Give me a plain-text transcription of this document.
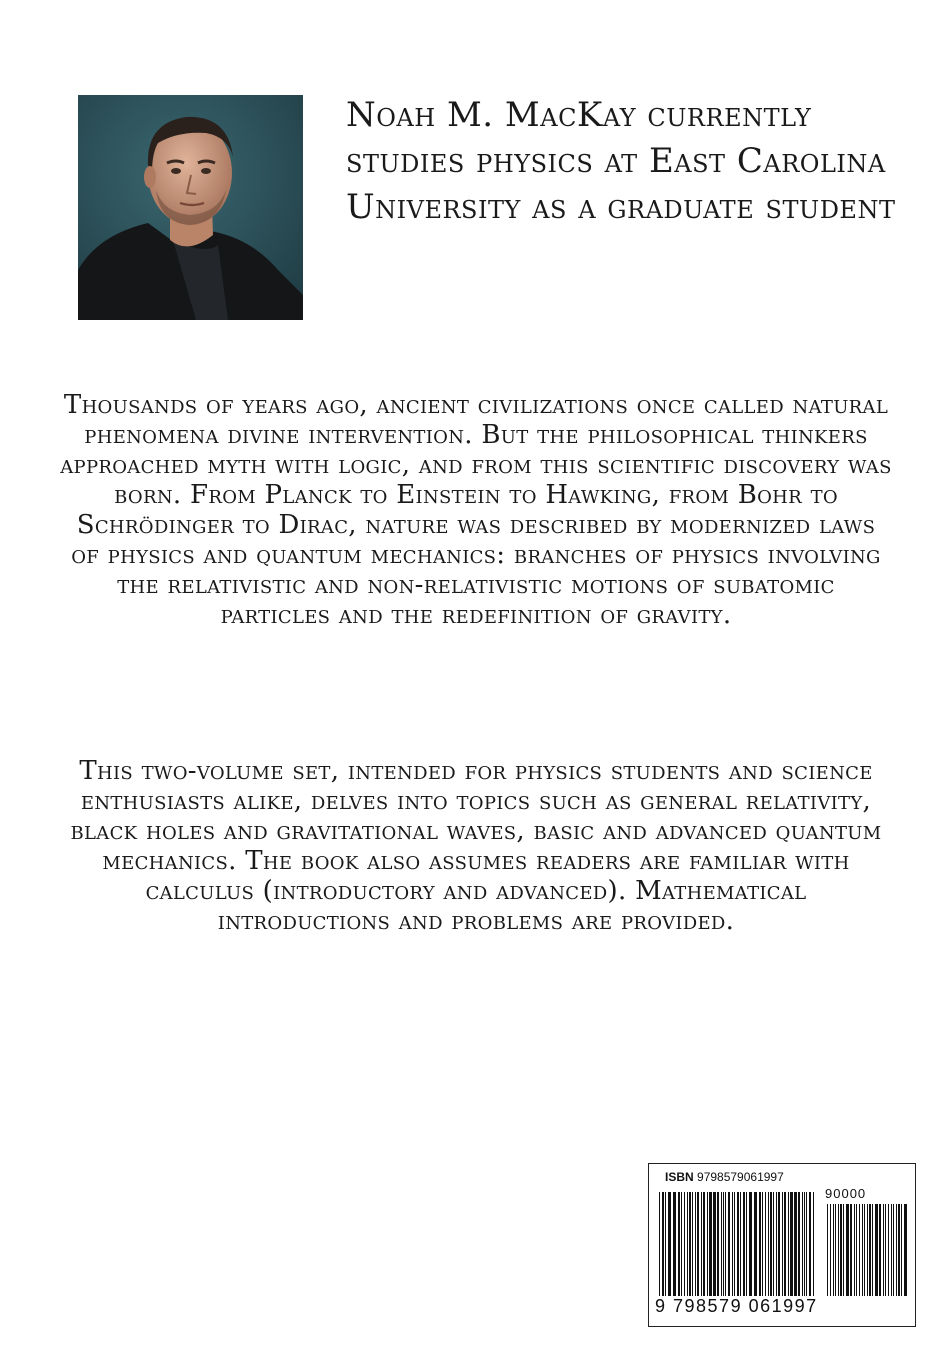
Noah M. MacKay currently studies physics at East Carolina University as a graduate student

Thousands of years ago, ancient civilizations once called natural phenomena divine intervention. But the philosophical thinkers approached myth with logic, and from this scientific discovery was born. From Planck to Einstein to Hawking, from Bohr to Schrödinger to Dirac, nature was described by modernized laws of physics and quantum mechanics: branches of physics involving the relativistic and non-relativistic motions of subatomic particles and the redefinition of gravity.

This two-volume set, intended for physics students and science enthusiasts alike, delves into topics such as general relativity, black holes and gravitational waves, basic and advanced quantum mechanics. The book also assumes readers are familiar with calculus (introductory and advanced). Mathematical introductions and problems are provided.

ISBN 9798579061997
90000
9 798579 061997
